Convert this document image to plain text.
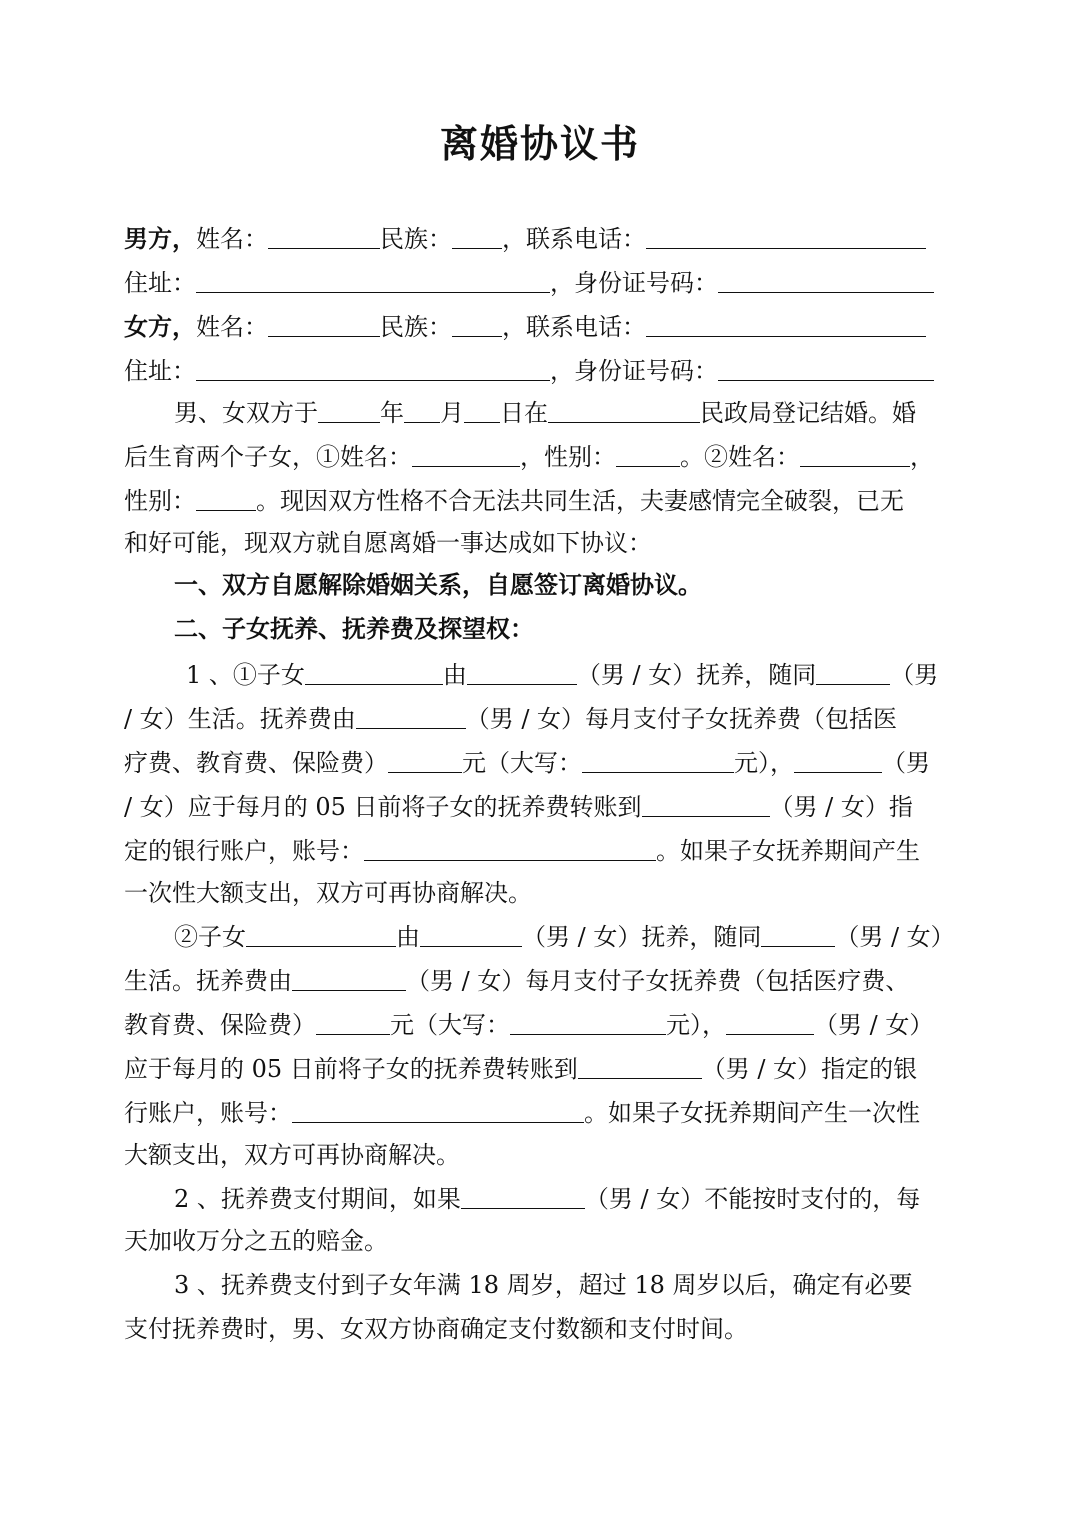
离婚协议书
男方，姓名：	民族： ，联系电话：
住址：	，身份证号码：
女方，姓名：	民族： ，联系电话：
住址：	，身份证号码：
男、女双方于	年 月 日在	民政局登记结婚。婚
后生育两个子女，①姓名：	，性别：	。②姓名：	，
性别：	。现因双方性格不合无法共同生活，夫妻感情完全破裂，已无
和好可能，现双方就自愿离婚一事达成如下协议：
一、双方自愿解除婚姻关系，自愿签订离婚协议。
二、子女抚养、抚养费及探望权：
1 、①子女	由	（男 / 女）抚养，随同	（男
/ 女）生活。抚养费由	（男 / 女）每月支付子女抚养费（包括医
疗费、教育费、保险费）	元（大写：	元），	（男
/ 女）应于每月的 05 日前将子女的抚养费转账到	（男 / 女）指
定的银行账户，账号：	。如果子女抚养期间产生
一次性大额支出，双方可再协商解决。
②子女	由	（男 / 女）抚养，随同	（男 / 女）
生活。抚养费由	（男 / 女）每月支付子女抚养费（包括医疗费、
教育费、保险费）	元（大写：	元），	（男 / 女）
应于每月的 05 日前将子女的抚养费转账到	（男 / 女）指定的银
行账户，账号：	。如果子女抚养期间产生一次性
大额支出，双方可再协商解决。
2 、抚养费支付期间，如果	（男 / 女）不能按时支付的，每
天加收万分之五的赔金。
3 、抚养费支付到子女年满 18 周岁，超过 18 周岁以后，确定有必要
支付抚养费时，男、女双方协商确定支付数额和支付时间。
